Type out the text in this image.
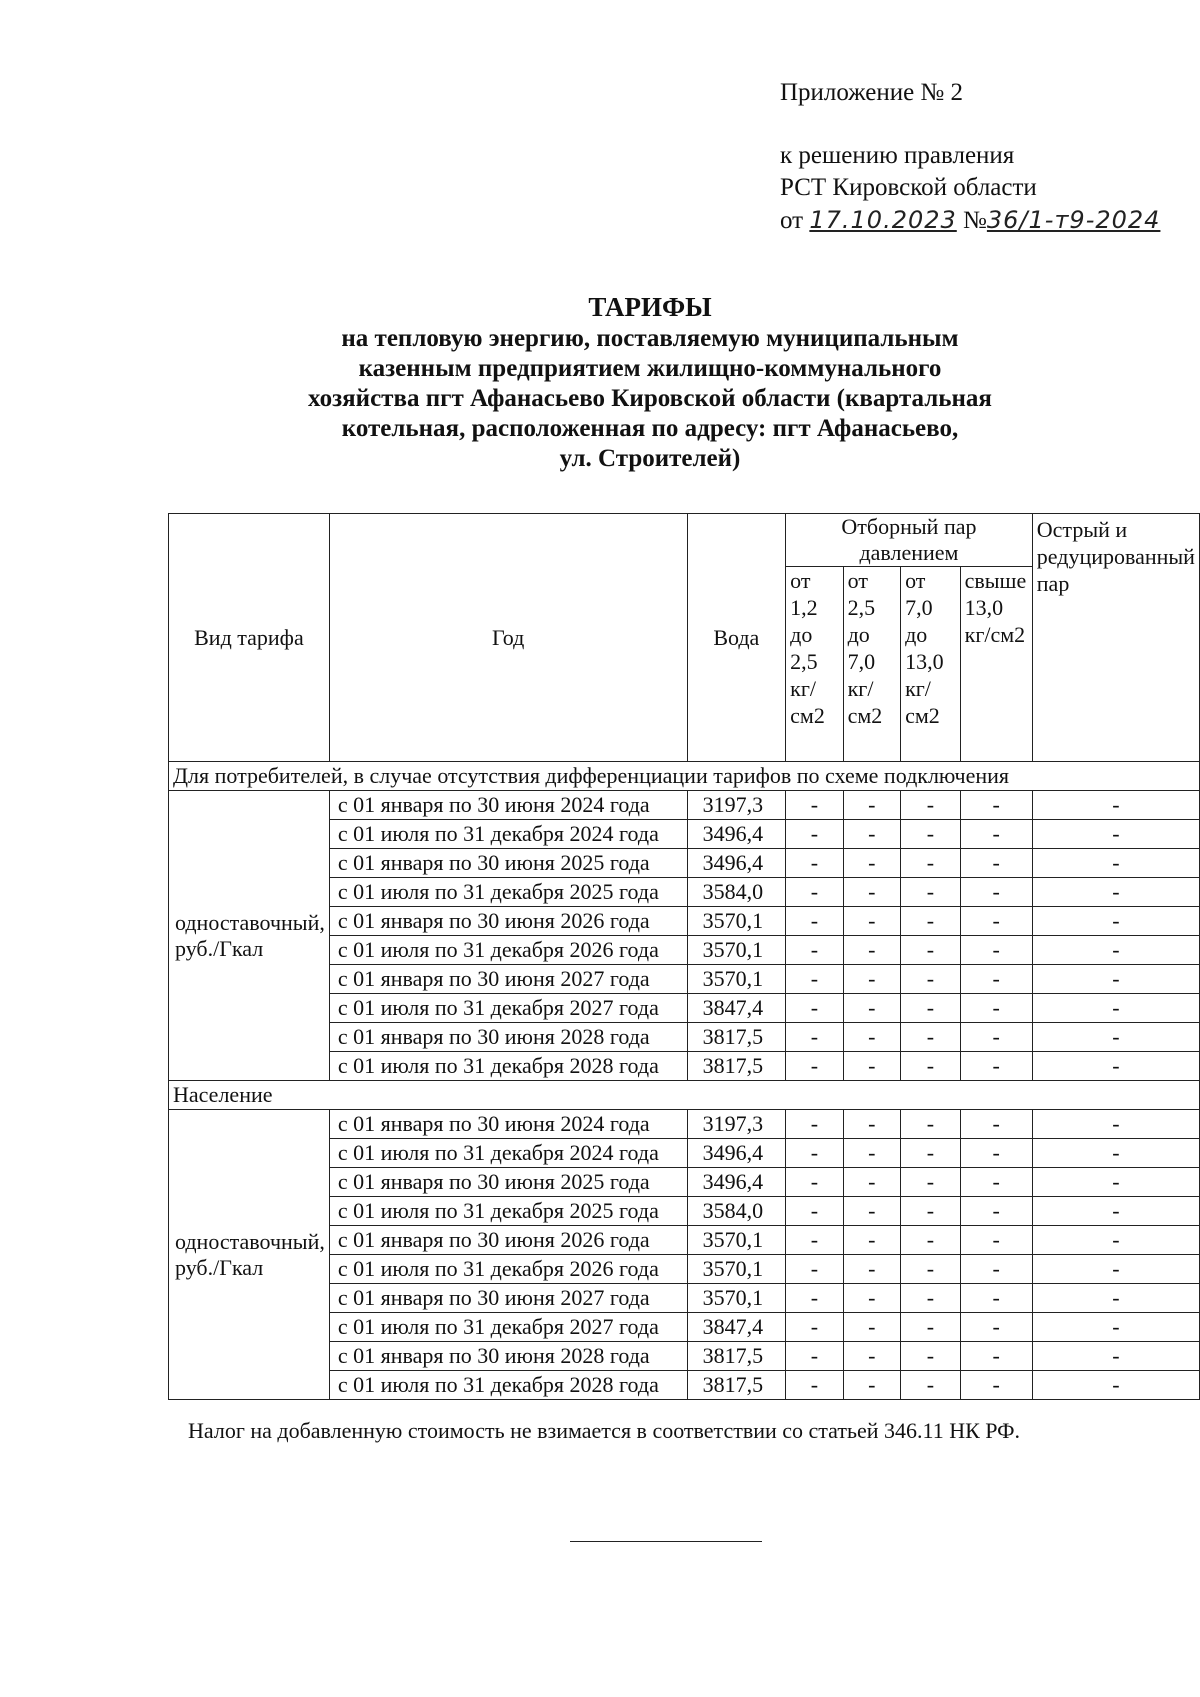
Приложение № 2
к решению правления
РСТ Кировской области
от 17.10.2023 №36/1-т9-2024
ТАРИФЫ
на тепловую энергию, поставляемую муниципальным
казенным предприятием жилищно-коммунального
хозяйства пгт Афанасьево Кировской области (квартальная
котельная, расположенная по адресу: пгт Афанасьево,
ул. Строителей)
Вид тарифа	Год	Вода	Отборный пар давлением				Острый и редуцированный пар
			от 1,2 до 2,5 кг/см2	от 2,5 до 7,0 кг/см2	от 7,0 до 13,0 кг/см2	свыше 13,0 кг/см2	
Для потребителей, в случае отсутствия дифференциации тарифов по схеме подключения							
одноставочный, руб./Гкал	с 01 января по 30 июня 2024 года	3197,3	-	-	-	-	-
	с 01 июля по 31 декабря 2024 года	3496,4	-	-	-	-	-
	с 01 января по 30 июня 2025 года	3496,4	-	-	-	-	-
	с 01 июля по 31 декабря 2025 года	3584,0	-	-	-	-	-
	с 01 января по 30 июня 2026 года	3570,1	-	-	-	-	-
	с 01 июля по 31 декабря 2026 года	3570,1	-	-	-	-	-
	с 01 января по 30 июня 2027 года	3570,1	-	-	-	-	-
	с 01 июля по 31 декабря 2027 года	3847,4	-	-	-	-	-
	с 01 января по 30 июня 2028 года	3817,5	-	-	-	-	-
	с 01 июля по 31 декабря 2028 года	3817,5	-	-	-	-	-
Население							
одноставочный, руб./Гкал	с 01 января по 30 июня 2024 года	3197,3	-	-	-	-	-
	с 01 июля по 31 декабря 2024 года	3496,4	-	-	-	-	-
	с 01 января по 30 июня 2025 года	3496,4	-	-	-	-	-
	с 01 июля по 31 декабря 2025 года	3584,0	-	-	-	-	-
	с 01 января по 30 июня 2026 года	3570,1	-	-	-	-	-
	с 01 июля по 31 декабря 2026 года	3570,1	-	-	-	-	-
	с 01 января по 30 июня 2027 года	3570,1	-	-	-	-	-
	с 01 июля по 31 декабря 2027 года	3847,4	-	-	-	-	-
	с 01 января по 30 июня 2028 года	3817,5	-	-	-	-	-
	с 01 июля по 31 декабря 2028 года	3817,5	-	-	-	-	-
Налог на добавленную стоимость не взимается в соответствии со статьей 346.11 НК РФ.
